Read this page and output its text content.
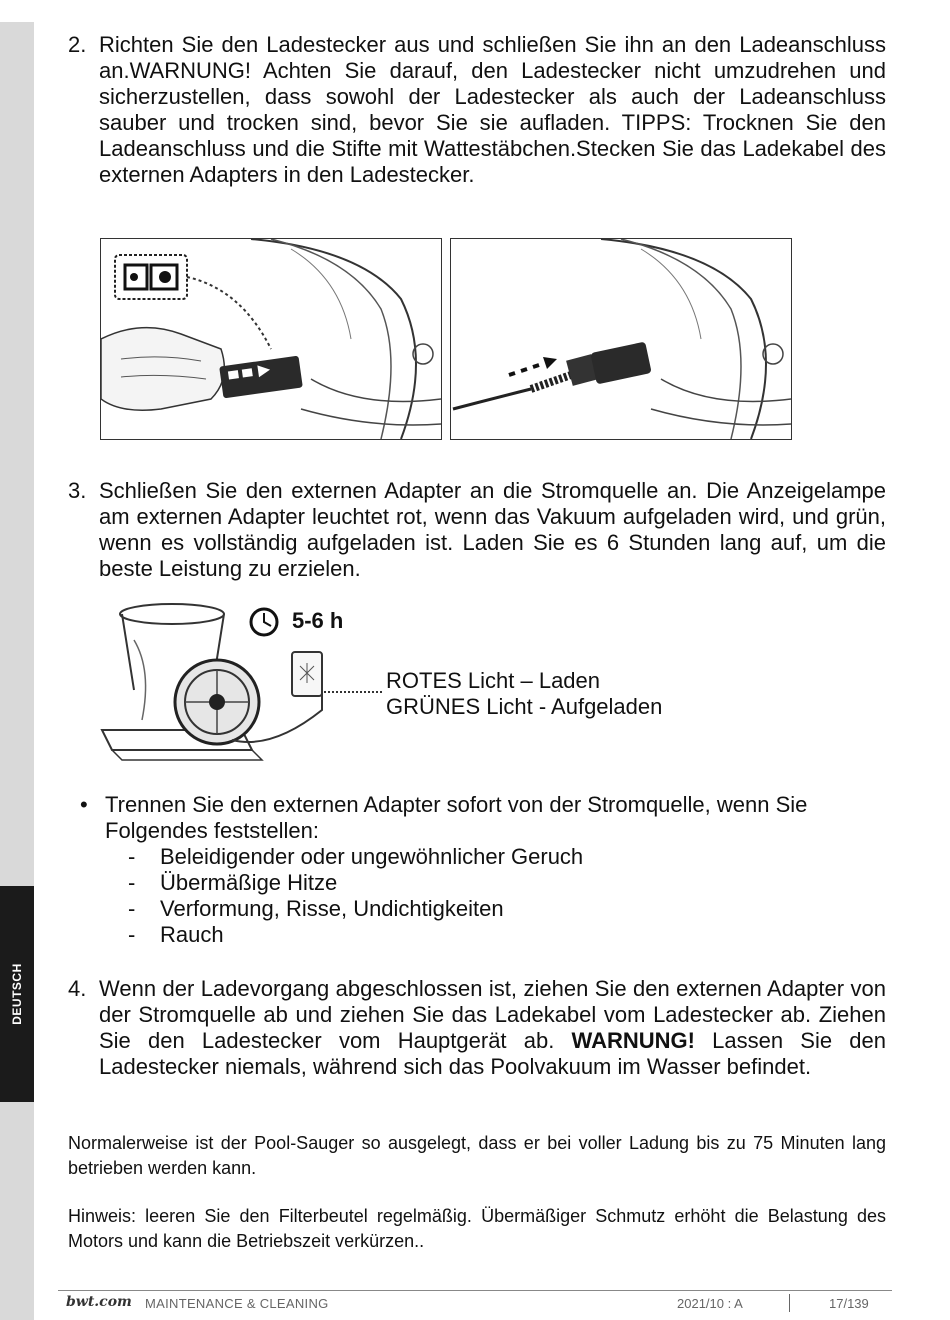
DEUTSCH
2. Richten Sie den Ladestecker aus und schließen Sie ihn an den Ladeanschluss an.WARNUNG! Achten Sie darauf, den Ladestecker nicht umzudrehen und sicherzustellen, dass sowohl der Ladestecker als auch der Ladeanschluss sauber und trocken sind, bevor Sie sie aufladen. TIPPS: Trocknen Sie den Ladeanschluss und die Stifte mit Wattestäbchen.Stecken Sie das Ladekabel des externen Adapters in den Ladestecker.
3. Schließen Sie den externen Adapter an die Stromquelle an. Die Anzeigelampe    am externen Adapter leuchtet rot, wenn das Vakuum aufgeladen wird, und grün, wenn es vollständig aufgeladen ist. Laden Sie es 6 Stunden lang auf, um die beste Leistung zu erzielen.
5-6 h
ROTES Licht – Laden
GRÜNES Licht - Aufgeladen
• Trennen Sie den externen Adapter sofort von der Stromquelle, wenn Sie Folgendes feststellen:
- Beleidigender oder ungewöhnlicher Geruch
- Übermäßige Hitze
- Verformung, Risse, Undichtigkeiten
- Rauch
4. Wenn der Ladevorgang abgeschlossen ist, ziehen Sie den externen Adapter von der Stromquelle ab und ziehen Sie das Ladekabel vom Ladestecker ab. Ziehen Sie den Ladestecker vom Hauptgerät ab. WARNUNG! Lassen Sie den Ladestecker niemals, während sich das Poolvakuum im Wasser befindet.
Normalerweise ist der Pool-Sauger so ausgelegt, dass er bei voller Ladung bis zu 75 Minuten lang betrieben werden kann.
Hinweis: leeren Sie den Filterbeutel regelmäßig. Übermäßiger Schmutz erhöht die Belastung des Motors und kann die Betriebszeit verkürzen..
bwt.com MAINTENANCE & CLEANING	2021/10 : A	17/139
